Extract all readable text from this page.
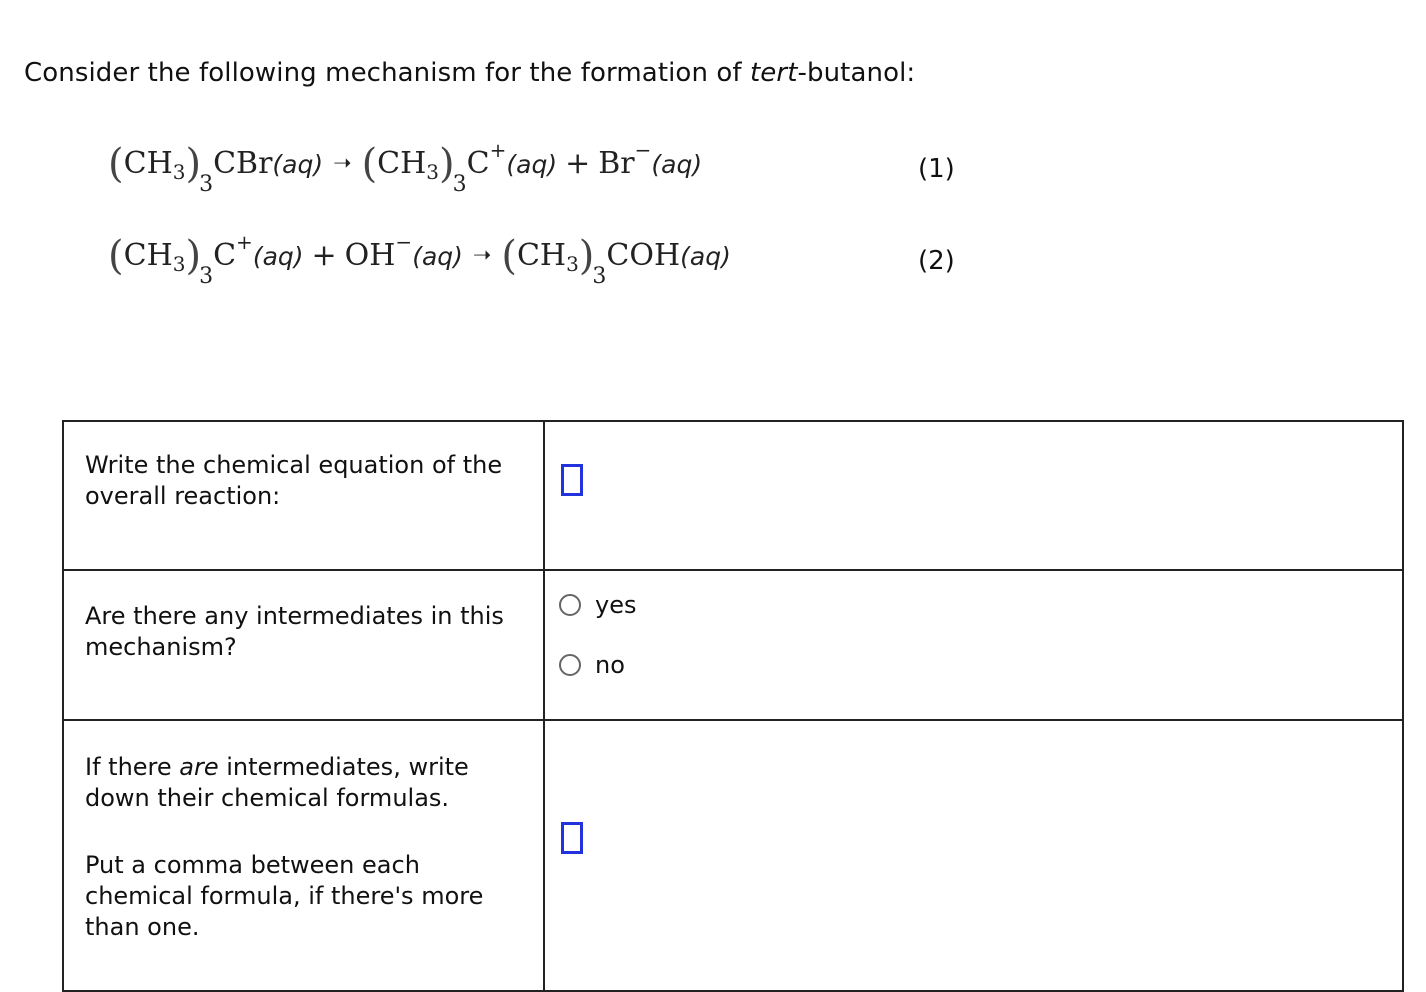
Consider the following mechanism for the formation of tert-butanol:
$(CH_3)_3CBr(aq)$ ➝ $(CH_3)_3C^+(aq) + Br^-(aq)$	(1)
$(CH_3)_3C^+(aq) + OH^-(aq)$ ➝ $(CH_3)_3COH(aq)$	(2)
Write the chemical equation of the overall reaction:	

Are there any intermediates in this mechanism?	yes
no

If there are intermediates, write down their chemical formulas.
Put a comma between each chemical formula, if there's more than one.	
